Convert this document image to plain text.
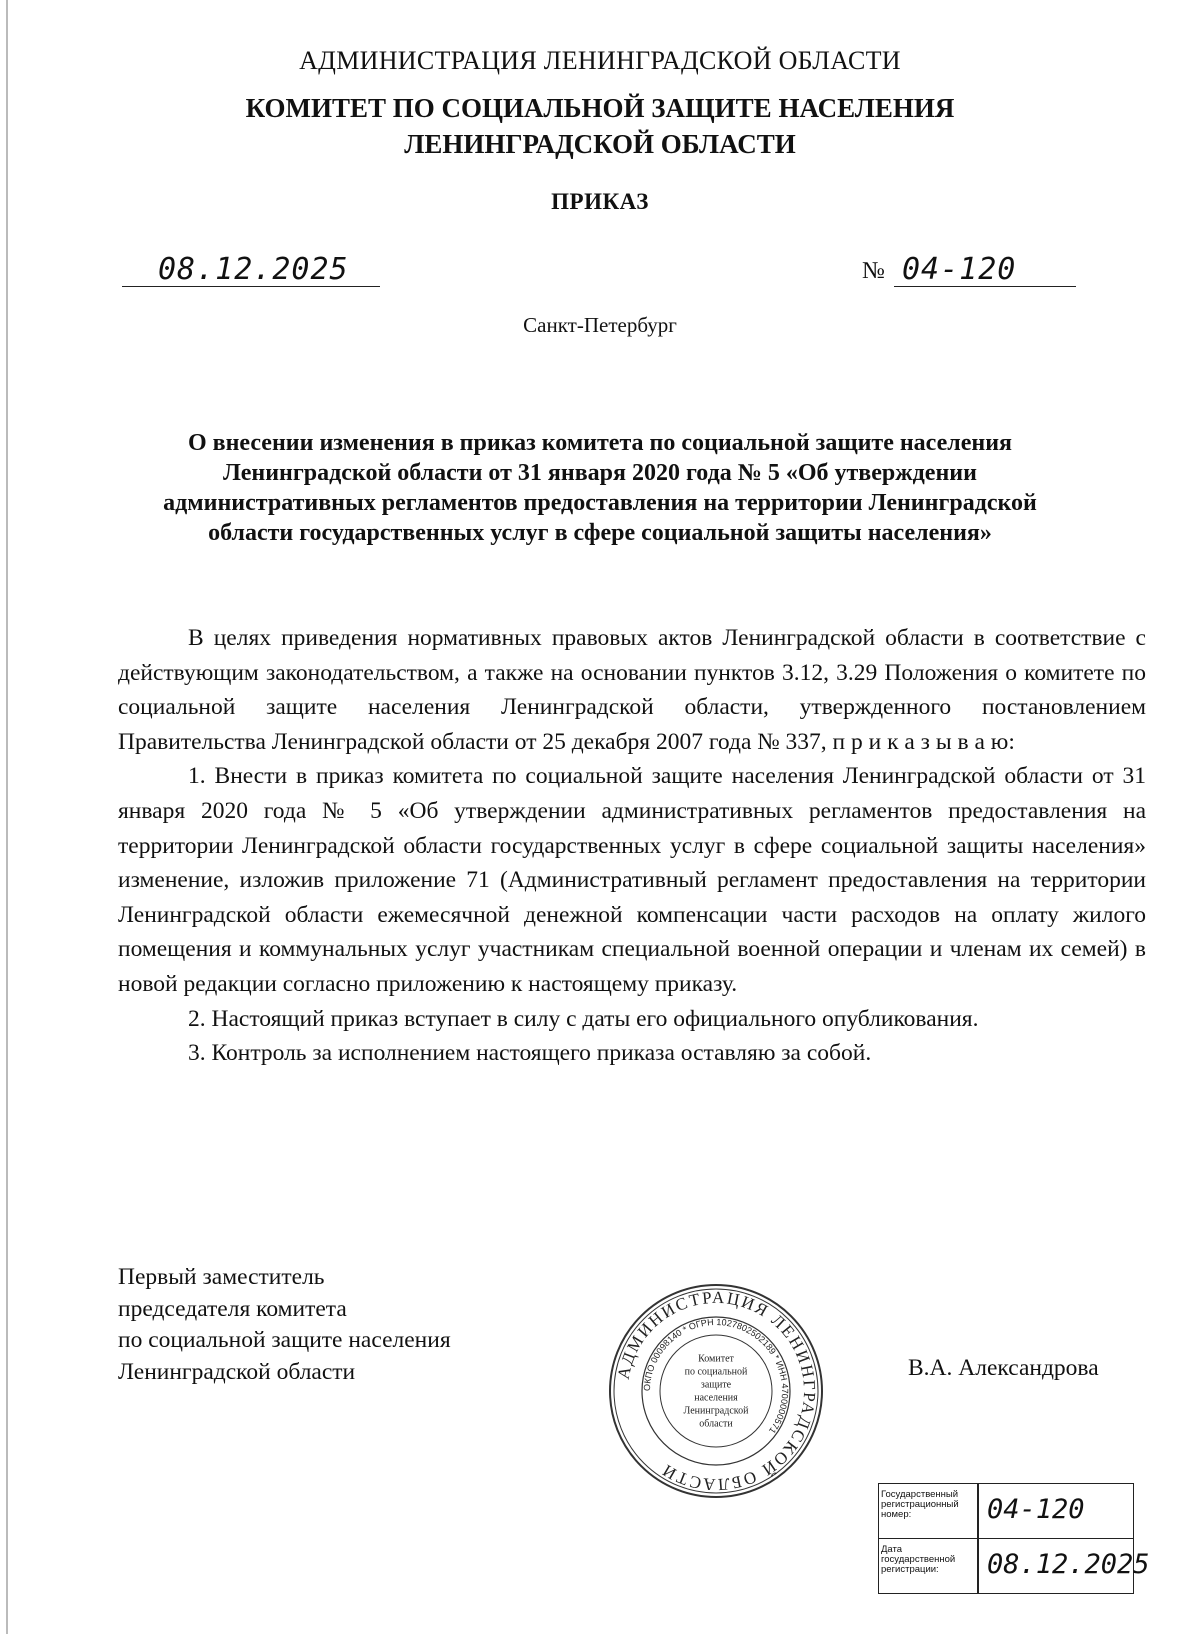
АДМИНИСТРАЦИЯ ЛЕНИНГРАДСКОЙ ОБЛАСТИ
КОМИТЕТ ПО СОЦИАЛЬНОЙ ЗАЩИТЕ НАСЕЛЕНИЯ
ЛЕНИНГРАДСКОЙ ОБЛАСТИ
ПРИКАЗ
08.12.2025	№ 04-120
Санкт-Петербург
О внесении изменения в приказ комитета по социальной защите населения Ленинградской области от 31 января 2020 года № 5 «Об утверждении административных регламентов предоставления на территории Ленинградской области государственных услуг в сфере социальной защиты населения»

В целях приведения нормативных правовых актов Ленинградской области в соответствие с действующим законодательством, а также на основании пунктов 3.12, 3.29 Положения о комитете по социальной защите населения Ленинградской области, утвержденного постановлением Правительства Ленинградской области от 25 декабря 2007 года № 337, п р и к а з ы в а ю:

1. Внести в приказ комитета по социальной защите населения Ленинградской области от 31 января 2020 года № 5 «Об утверждении административных регламентов предоставления на территории Ленинградской области государственных услуг в сфере социальной защиты населения» изменение, изложив приложение 71 (Административный регламент предоставления на территории Ленинградской области ежемесячной денежной компенсации части расходов на оплату жилого помещения и коммунальных услуг участникам специальной военной операции и членам их семей) в новой редакции согласно приложению к настоящему приказу.

2. Настоящий приказ вступает в силу с даты его официального опубликования.

3. Контроль за исполнением настоящего приказа оставляю за собой.

Первый заместитель
председателя комитета
по социальной защите населения
Ленинградской области	В.А. Александрова
АДМИНИСТРАЦИЯ ЛЕНИНГРАДСКОЙ ОБЛАСТИ
ОКПО 00098140 * ОГРН 1027802502189 * ИНН 4700000571
Комитет
по социальной
защите
населения
Ленинградской
области
Государственный
регистрационный
номер:	04-120
Дата
государственной
регистрации:	08.12.2025
